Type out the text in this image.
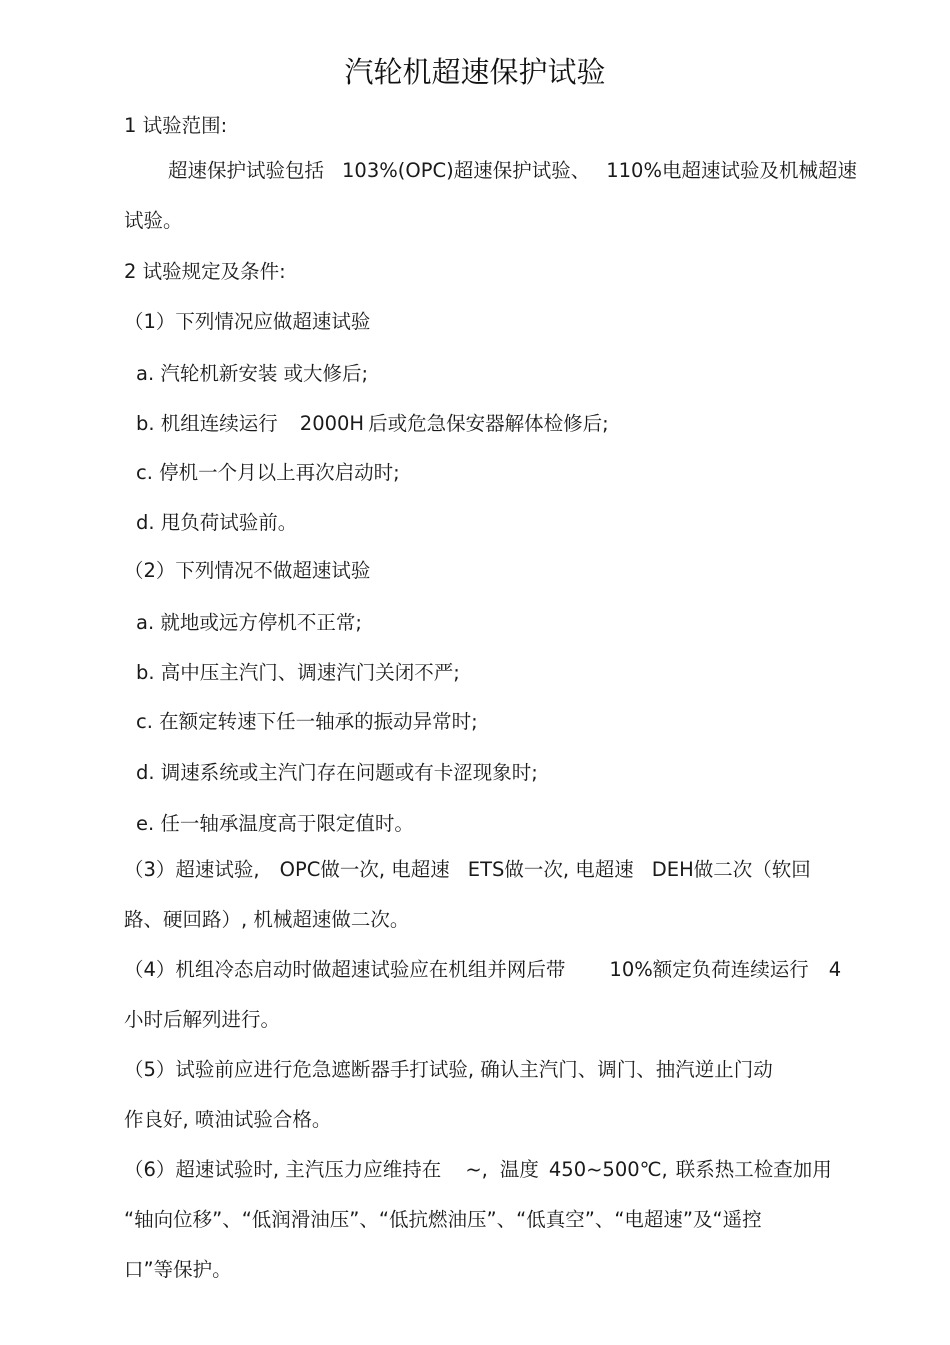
汽轮机超速保护试验
1 试验范围:
超速保护试验包括 103%(OPC)超速保护试验、 110%电超速试验及机械超速
试验。
2 试验规定及条件:
（1）下列情况应做超速试验
a. 汽轮机新安装 或大修后;
b. 机组连续运行 2000H 后或危急保安器解体检修后;
c. 停机一个月以上再次启动时;
d. 甩负荷试验前。
（2）下列情况不做超速试验
a. 就地或远方停机不正常;
b. 高中压主汽门、调速汽门关闭不严;
c. 在额定转速下任一轴承的振动异常时;
d. 调速系统或主汽门存在问题或有卡涩现象时;
e. 任一轴承温度高于限定值时。
（3）超速试验, OPC做一次, 电超速 ETS做一次, 电超速 DEH做二次（软回
路、硬回路）, 机械超速做二次。
（4）机组冷态启动时做超速试验应在机组并网后带 10%额定负荷连续运行 4
小时后解列进行。
（5）试验前应进行危急遮断器手打试验, 确认主汽门、调门、抽汽逆止门动
作良好, 喷油试验合格。
（6）超速试验时, 主汽压力应维持在 ~, 温度 450~500℃, 联系热工检查加用
“轴向位移”、“低润滑油压”、“低抗燃油压”、“低真空”、“电超速”及“遥控
口”等保护。
